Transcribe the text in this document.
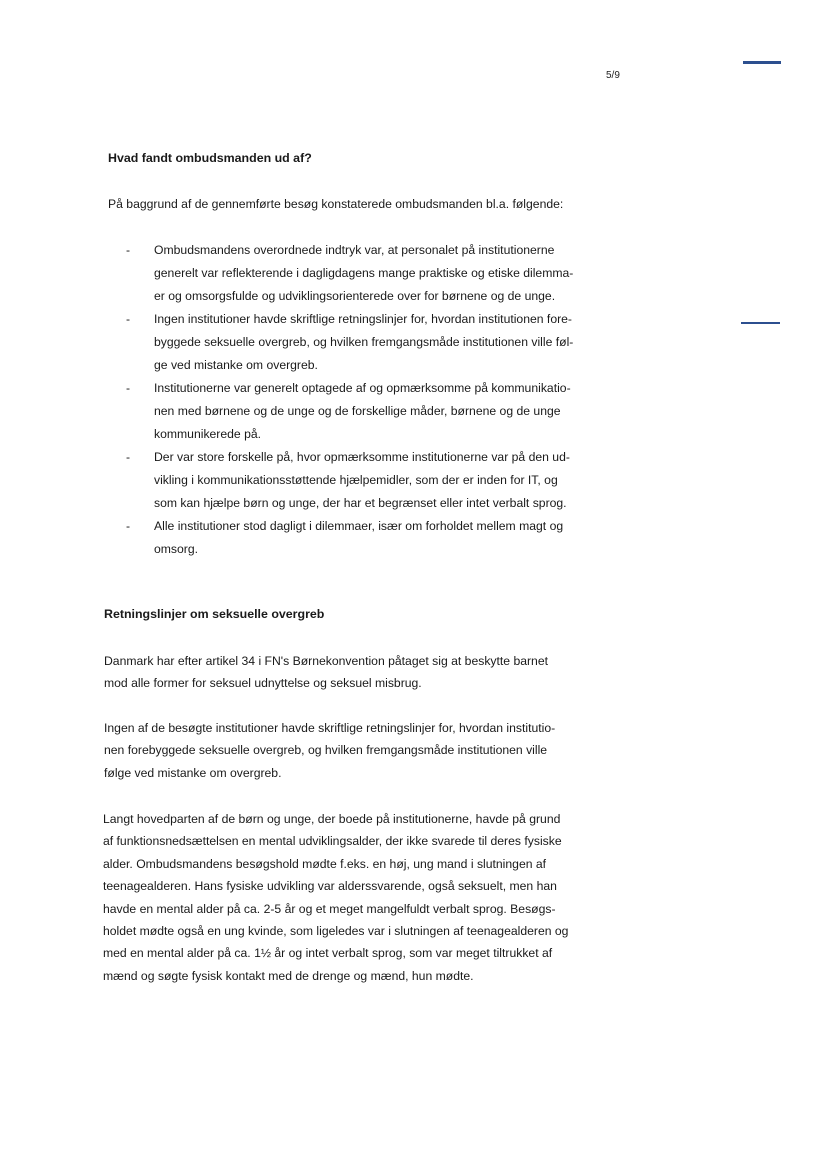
5/9
Hvad fandt ombudsmanden ud af?

På baggrund af de gennemførte besøg konstaterede ombudsmanden bl.a. følgende:

- Ombudsmandens overordnede indtryk var, at personalet på institutionerne
generelt var reflekterende i dagligdagens mange praktiske og etiske dilemma-
er og omsorgsfulde og udviklingsorienterede over for børnene og de unge.
- Ingen institutioner havde skriftlige retningslinjer for, hvordan institutionen fore-
byggede seksuelle overgreb, og hvilken fremgangsmåde institutionen ville føl-
ge ved mistanke om overgreb.
- Institutionerne var generelt optagede af og opmærksomme på kommunikatio-
nen med børnene og de unge og de forskellige måder, børnene og de unge
kommunikerede på.
- Der var store forskelle på, hvor opmærksomme institutionerne var på den ud-
vikling i kommunikationsstøttende hjælpemidler, som der er inden for IT, og
som kan hjælpe børn og unge, der har et begrænset eller intet verbalt sprog.
- Alle institutioner stod dagligt i dilemmaer, især om forholdet mellem magt og
omsorg.
Retningslinjer om seksuelle overgreb

Danmark har efter artikel 34 i FN's Børnekonvention påtaget sig at beskytte barnet
mod alle former for seksuel udnyttelse og seksuel misbrug.

Ingen af de besøgte institutioner havde skriftlige retningslinjer for, hvordan institutio-
nen forebyggede seksuelle overgreb, og hvilken fremgangsmåde institutionen ville
følge ved mistanke om overgreb.

Langt hovedparten af de børn og unge, der boede på institutionerne, havde på grund
af funktionsnedsættelsen en mental udviklingsalder, der ikke svarede til deres fysiske
alder. Ombudsmandens besøgshold mødte f.eks. en høj, ung mand i slutningen af
teenagealderen. Hans fysiske udvikling var alderssvarende, også seksuelt, men han
havde en mental alder på ca. 2-5 år og et meget mangelfuldt verbalt sprog. Besøgs-
holdet mødte også en ung kvinde, som ligeledes var i slutningen af teenagealderen og
med en mental alder på ca. 1½ år og intet verbalt sprog, som var meget tiltrukket af
mænd og søgte fysisk kontakt med de drenge og mænd, hun mødte.
